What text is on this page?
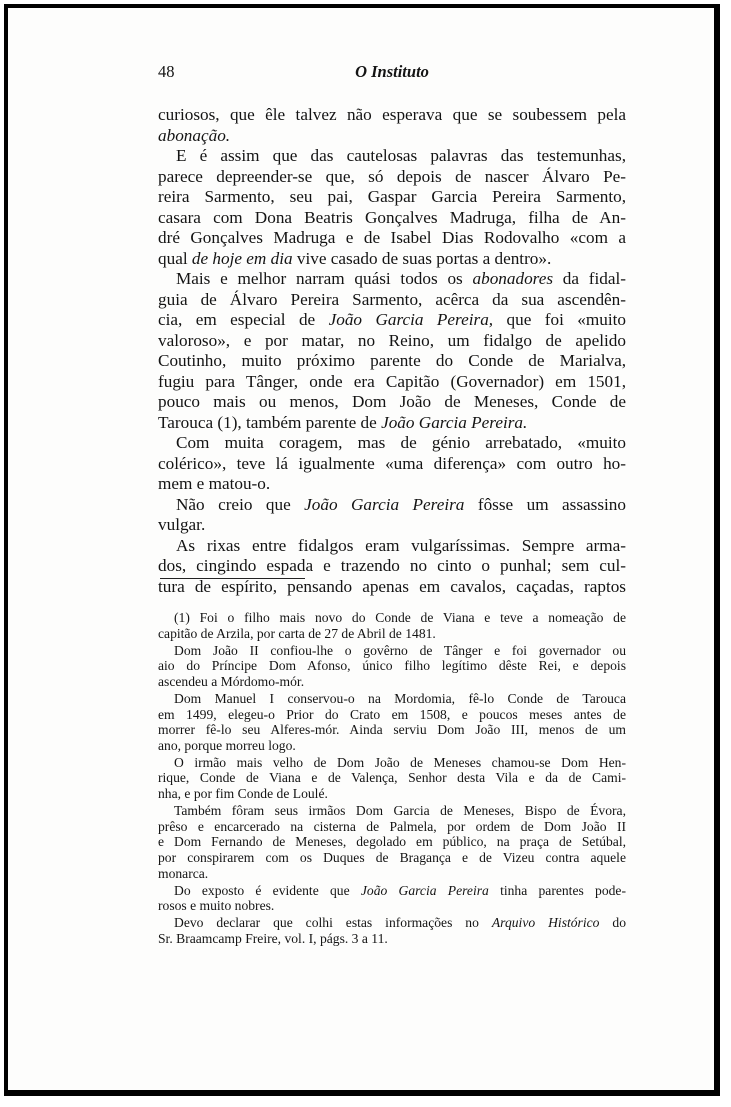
48	O Instituto
curiosos, que êle talvez não esperava que se soubessem pela
abonação.
E é assim que das cautelosas palavras das testemunhas,
parece depreender-se que, só depois de nascer Álvaro Pe-
reira Sarmento, seu pai, Gaspar Garcia Pereira Sarmento,
casara com Dona Beatris Gonçalves Madruga, filha de An-
dré Gonçalves Madruga e de Isabel Dias Rodovalho «com a
qual de hoje em dia vive casado de suas portas a dentro».
Mais e melhor narram quási todos os abonadores da fidal-
guia de Álvaro Pereira Sarmento, acêrca da sua ascendên-
cia, em especial de João Garcia Pereira, que foi «muito
valoroso», e por matar, no Reino, um fidalgo de apelido
Coutinho, muito próximo parente do Conde de Marialva,
fugiu para Tânger, onde era Capitão (Governador) em 1501,
pouco mais ou menos, Dom João de Meneses, Conde de
Tarouca (1), também parente de João Garcia Pereira.
Com muita coragem, mas de génio arrebatado, «muito
colérico», teve lá igualmente «uma diferença» com outro ho-
mem e matou-o.
Não creio que João Garcia Pereira fôsse um assassino
vulgar.
As rixas entre fidalgos eram vulgaríssimas. Sempre arma-
dos, cingindo espada e trazendo no cinto o punhal; sem cul-
tura de espírito, pensando apenas em cavalos, caçadas, raptos
(1) Foi o filho mais novo do Conde de Viana e teve a nomeação de
capitão de Arzila, por carta de 27 de Abril de 1481.
Dom João II confiou-lhe o govêrno de Tânger e foi governador ou
aio do Príncipe Dom Afonso, único filho legítimo dêste Rei, e depois
ascendeu a Mórdomo-mór.
Dom Manuel I conservou-o na Mordomia, fê-lo Conde de Tarouca
em 1499, elegeu-o Prior do Crato em 1508, e poucos meses antes de
morrer fê-lo seu Alferes-mór. Ainda serviu Dom João III, menos de um
ano, porque morreu logo.
O irmão mais velho de Dom João de Meneses chamou-se Dom Hen-
rique, Conde de Viana e de Valença, Senhor desta Vila e da de Cami-
nha, e por fim Conde de Loulé.
Também fôram seus irmãos Dom Garcia de Meneses, Bispo de Évora,
prêso e encarcerado na cisterna de Palmela, por ordem de Dom João II
e Dom Fernando de Meneses, degolado em público, na praça de Setúbal,
por conspirarem com os Duques de Bragança e de Vizeu contra aquele
monarca.
Do exposto é evidente que João Garcia Pereira tinha parentes pode-
rosos e muito nobres.
Devo declarar que colhi estas informações no Arquivo Histórico do
Sr. Braamcamp Freire, vol. I, págs. 3 a 11.
